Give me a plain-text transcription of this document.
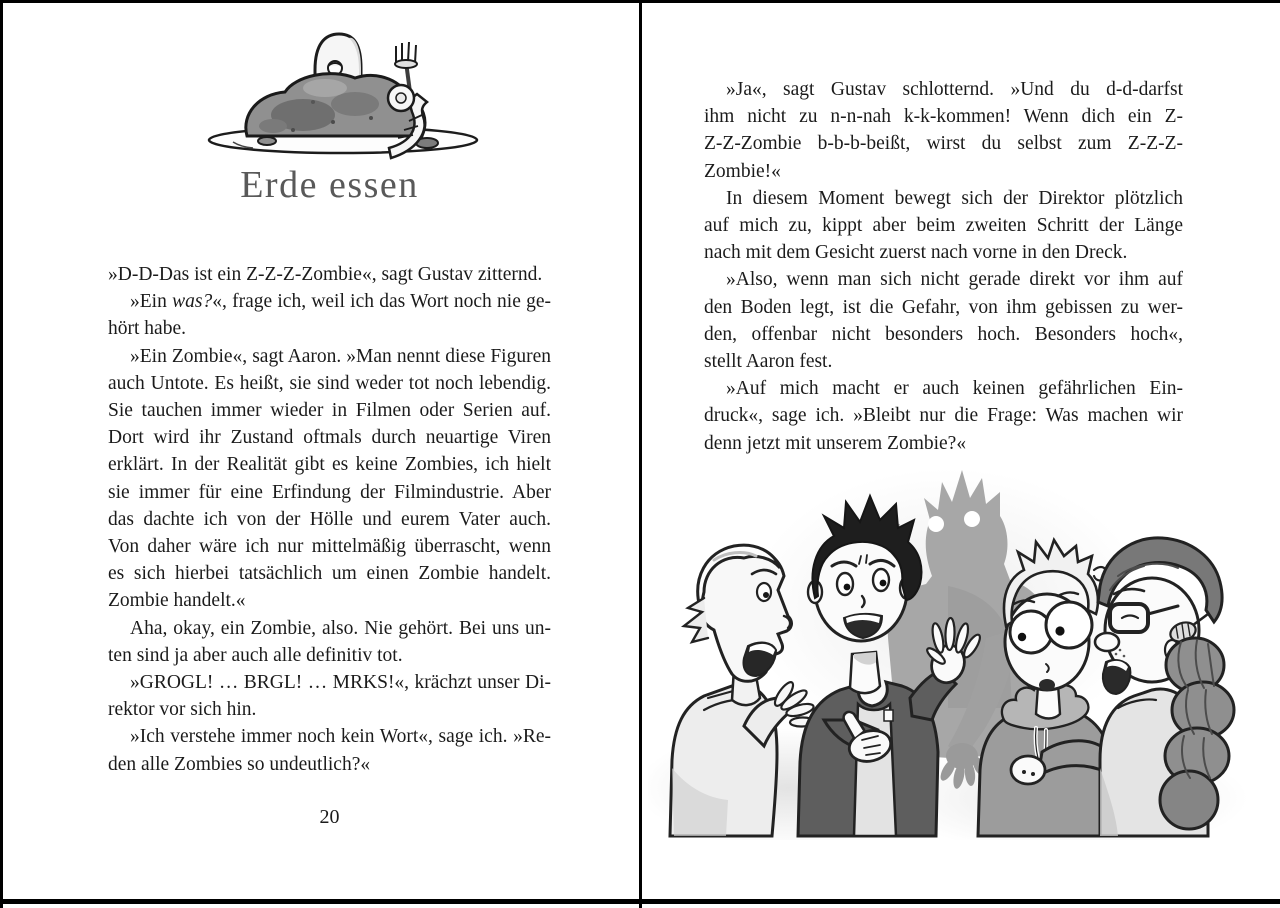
Erde essen
»D-D-Das ist ein Z-Z-Z-Zombie«, sagt Gustav zitternd.
»Ein was?«, frage ich, weil ich das Wort noch nie ge-
hört habe.
»Ein Zombie«, sagt Aaron. »Man nennt diese Figuren
auch Untote. Es heißt, sie sind weder tot noch lebendig.
Sie tauchen immer wieder in Filmen oder Serien auf.
Dort wird ihr Zustand oftmals durch neuartige Viren
erklärt. In der Realität gibt es keine Zombies, ich hielt
sie immer für eine Erfindung der Filmindustrie. Aber
das dachte ich von der Hölle und eurem Vater auch.
Von daher wäre ich nur mittelmäßig überrascht, wenn
es sich hierbei tatsächlich um einen Zombie handelt.
Zombie handelt.«
Aha, okay, ein Zombie, also. Nie gehört. Bei uns un-
ten sind ja aber auch alle definitiv tot.
»GROGL! … BRGL! … MRKS!«, krächzt unser Di-
rektor vor sich hin.
»Ich verstehe immer noch kein Wort«, sage ich. »Re-
den alle Zombies so undeutlich?«
20
»Ja«, sagt Gustav schlotternd. »Und du d-d-darfst
ihm nicht zu n-n-nah k-k-kommen! Wenn dich ein Z-
Z-Z-Zombie b-b-b-beißt, wirst du selbst zum Z-Z-Z-
Zombie!«
In diesem Moment bewegt sich der Direktor plötzlich
auf mich zu, kippt aber beim zweiten Schritt der Länge
nach mit dem Gesicht zuerst nach vorne in den Dreck.
»Also, wenn man sich nicht gerade direkt vor ihm auf
den Boden legt, ist die Gefahr, von ihm gebissen zu wer-
den, offenbar nicht besonders hoch. Besonders hoch«,
stellt Aaron fest.
»Auf mich macht er auch keinen gefährlichen Ein-
druck«, sage ich. »Bleibt nur die Frage: Was machen wir
denn jetzt mit unserem Zombie?«
